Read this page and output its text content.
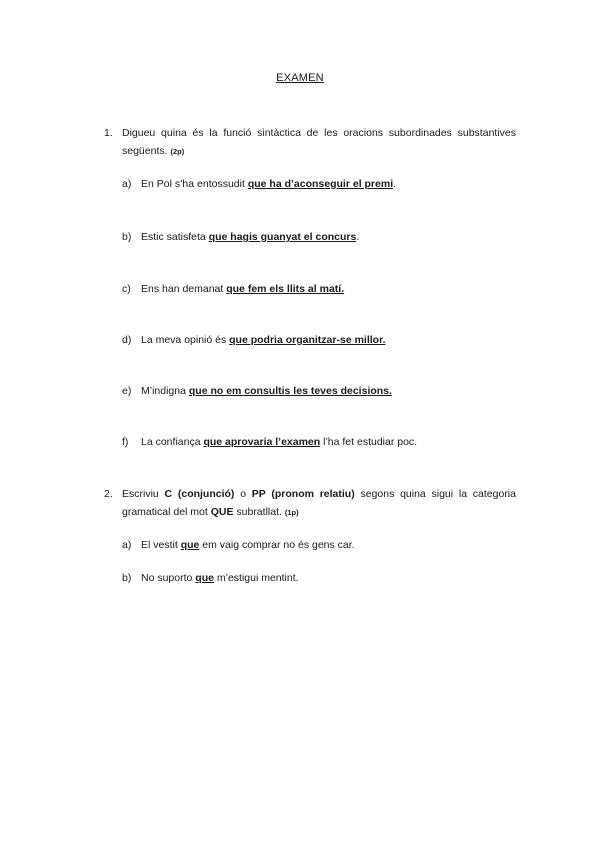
EXAMEN
1. Digueu quina és la funció sintàctica de les oracions subordinades substantives següents. (2p)
a) En Pol s’ha entossudit que ha d’aconseguir el premi.
b) Estic satisfeta que hagis guanyat el concurs.
c) Ens han demanat que fem els llits al matí.
d) La meva opinió és que podria organitzar-se millor.
e) M’indigna que no em consultis les teves decisions.
f) La confiança que aprovaria l’examen l’ha fet estudiar poc.
2. Escriviu C (conjunció) o PP (pronom relatiu) segons quina sigui la categoria gramatical del mot QUE subratllat. (1p)
a) El vestit que em vaig comprar no és gens car.
b) No suporto que m’estigui mentint.
